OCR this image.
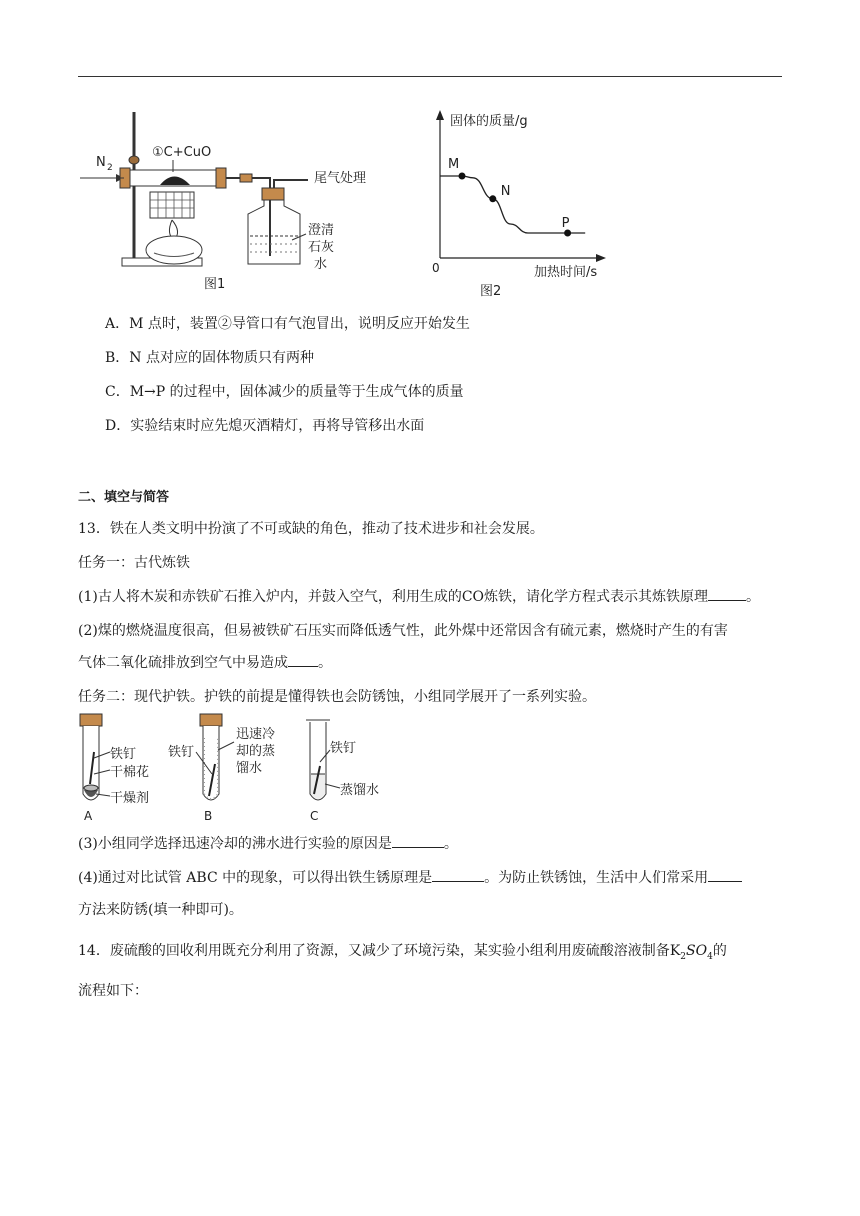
N 2
①C+CuO
尾气处理
澄清
石灰
水
图1
固体的质量/g
加热时间/s
0
图2
M
N
P
A．M 点时，装置②导管口有气泡冒出，说明反应开始发生
B．N 点对应的固体物质只有两种
C．M→P 的过程中，固体减少的质量等于生成气体的质量
D．实验结束时应先熄灭酒精灯，再将导管移出水面
二、填空与简答
13．铁在人类文明中扮演了不可或缺的角色，推动了技术进步和社会发展。
任务一：古代炼铁
(1)古人将木炭和赤铁矿石推入炉内，并鼓入空气，利用生成的CO炼铁，请化学方程式表示其炼铁原理	。
(2)煤的燃烧温度很高，但易被铁矿石压实而降低透气性，此外煤中还常因含有硫元素，燃烧时产生的有害
气体二氧化硫排放到空气中易造成 。
任务二：现代护铁。护铁的前提是懂得铁也会防锈蚀，小组同学展开了一系列实验。
铁钉
干棉花
干燥剂
A
铁钉
迅速冷
却的蒸
馏水
B
铁钉
蒸馏水
C
(3)小组同学选择迅速冷却的沸水进行实验的原因是	。
(4)通过对比试管 ABC 中的现象，可以得出铁生锈原理是	。为防止铁锈蚀，生活中人们常采用
方法来防锈(填一种即可)。
14．废硫酸的回收利用既充分利用了资源，又减少了环境污染，某实验小组利用废硫酸溶液制备$K_2SO_4$的
流程如下：
